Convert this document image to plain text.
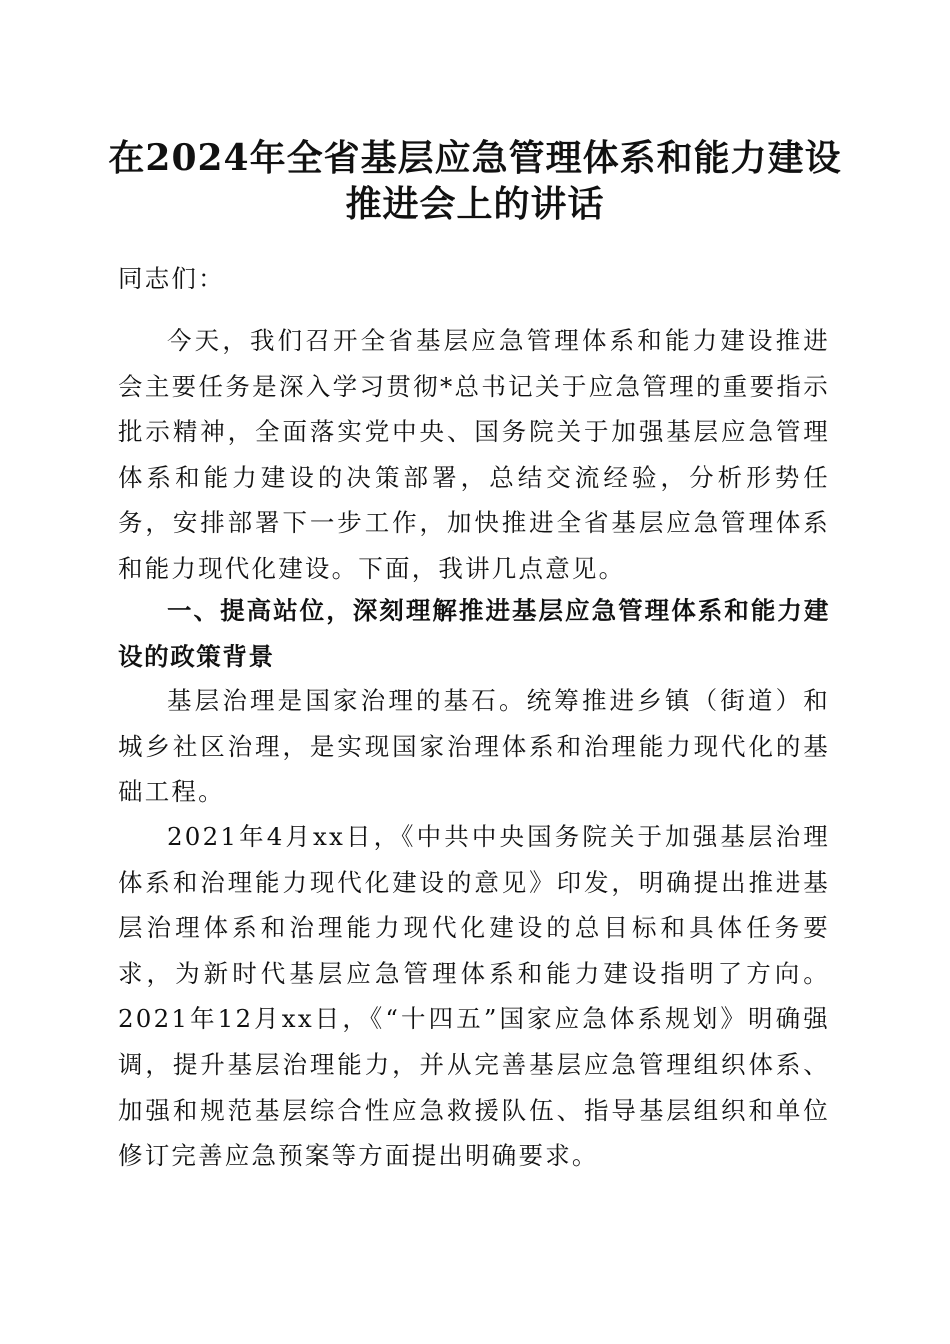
在2024年全省基层应急管理体系和能力建设
推进会上的讲话

同志们：

今天，我们召开全省基层应急管理体系和能力建设推进会主要任务是深入学习贯彻*总书记关于应急管理的重要指示批示精神，全面落实党中央、国务院关于加强基层应急管理体系和能力建设的决策部署，总结交流经验，分析形势任务，安排部署下一步工作，加快推进全省基层应急管理体系和能力现代化建设。下面，我讲几点意见。

一、提高站位，深刻理解推进基层应急管理体系和能力建设的政策背景

基层治理是国家治理的基石。统筹推进乡镇（街道）和城乡社区治理，是实现国家治理体系和治理能力现代化的基础工程。

2021年4月xx日，《中共中央国务院关于加强基层治理体系和治理能力现代化建设的意见》印发，明确提出推进基层治理体系和治理能力现代化建设的总目标和具体任务要求，为新时代基层应急管理体系和能力建设指明了方向。2021年12月xx日，《“十四五”国家应急体系规划》明确强调，提升基层治理能力，并从完善基层应急管理组织体系、加强和规范基层综合性应急救援队伍、指导基层组织和单位修订完善应急预案等方面提出明确要求。
